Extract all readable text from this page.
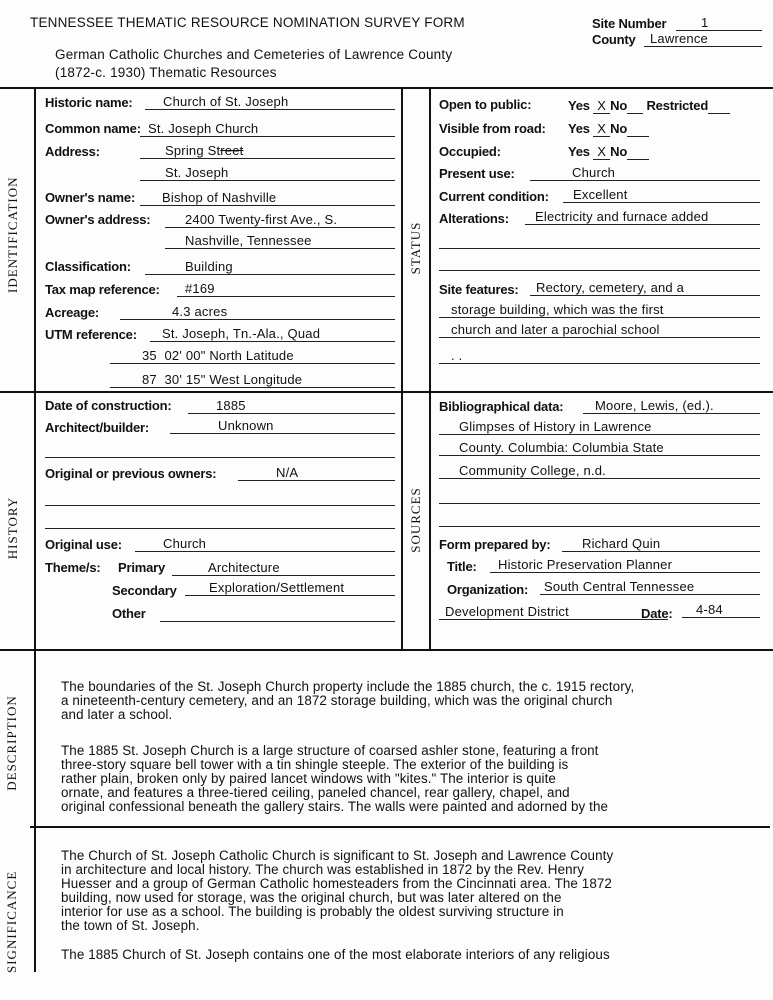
TENNESSEE THEMATIC RESOURCE NOMINATION SURVEY FORM
German Catholic Churches and Cemeteries of Lawrence County
(1872-c. 1930) Thematic Resources
Site Number	1
County	Lawrence
IDENTIFICATION	STATUS
HISTORY	SOURCES
DESCRIPTION
SIGNIFICANCE
Historic name:	Church of St. Joseph
Common name: St. Joseph Church
Address:	Spring Street
St. Joseph
Owner's name:	Bishop of Nashville
Owner's address:	2400 Twenty-first Ave., S.
Nashville, Tennessee
Classification:	Building
Tax map reference:	#169
Acreage:	4.3 acres
UTM reference:	St. Joseph, Tn.-Ala., Quad
35  02' 00" North Latitude
87  30' 15" West Longitude
Open to public:	Yes X No Restricted
Visible from road: Yes X No
Occupied:	Yes X No
Present use:	Church
Current condition:	Excellent
Alterations:	Electricity and furnace added
Site features:	Rectory, cemetery, and a
storage building, which was the first
church and later a parochial school
. .
Date of construction:	1885
Architect/builder:	Unknown
Original or previous owners:	N/A
Original use:	Church
Theme/s: Primary	Architecture
Secondary	Exploration/Settlement
Other
Bibliographical data:	Moore, Lewis, (ed.).
Glimpses of History in Lawrence
County. Columbia: Columbia State
Community College, n.d.
Form prepared by:	Richard Quin
Title:	Historic Preservation Planner
Organization:	South Central Tennessee
Development District	Date:	4-84
The boundaries of the St. Joseph Church property include the 1885 church, the c. 1915 rectory,
a nineteenth-century cemetery, and an 1872 storage building, which was the original church
and later a school.
The 1885 St. Joseph Church is a large structure of coarsed ashler stone, featuring a front
three-story square bell tower with a tin shingle steeple. The exterior of the building is
rather plain, broken only by paired lancet windows with "kites." The interior is quite
ornate, and features a three-tiered ceiling, paneled chancel, rear gallery, chapel, and
original confessional beneath the gallery stairs. The walls were painted and adorned by the
The Church of St. Joseph Catholic Church is significant to St. Joseph and Lawrence County
in architecture and local history. The church was established in 1872 by the Rev. Henry
Huesser and a group of German Catholic homesteaders from the Cincinnati area. The 1872
building, now used for storage, was the original church, but was later altered on the
interior for use as a school. The building is probably the oldest surviving structure in
the town of St. Joseph.
The 1885 Church of St. Joseph contains one of the most elaborate interiors of any religious
